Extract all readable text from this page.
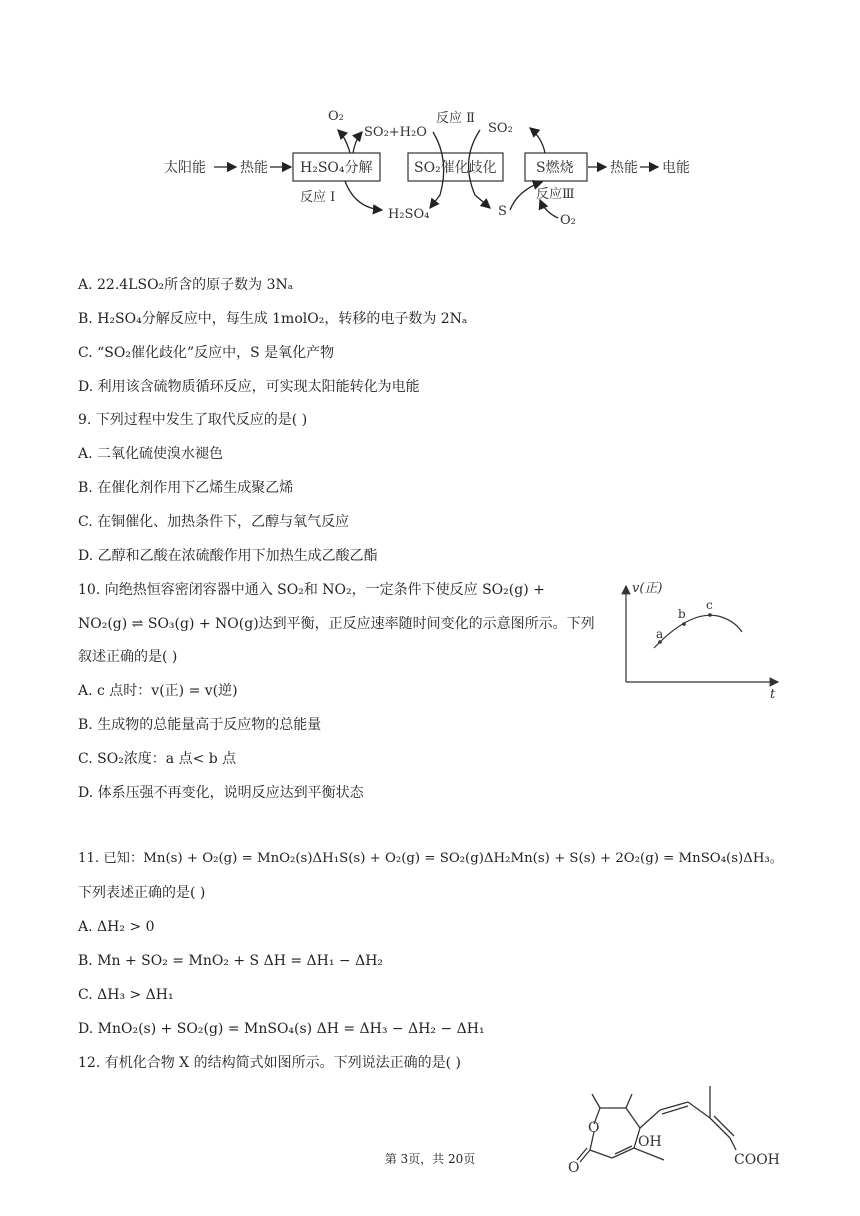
太阳能 热能 H₂SO₄分解	SO₂催化歧化	S燃烧	热能 电能
O₂
SO₂+H₂O
反应 Ⅱ
SO₂
反应 Ⅰ
H₂SO₄	S
反应Ⅲ
O₂
A. 22.4LSO₂所含的原子数为 3Nₐ
B. H₂SO₄分解反应中，每生成 1molO₂，转移的电子数为 2Nₐ
C. “SO₂催化歧化”反应中，S 是氧化产物
D. 利用该含硫物质循环反应，可实现太阳能转化为电能
9. 下列过程中发生了取代反应的是( )
A. 二氧化硫使溴水褪色
B. 在催化剂作用下乙烯生成聚乙烯
C. 在铜催化、加热条件下，乙醇与氧气反应
D. 乙醇和乙酸在浓硫酸作用下加热生成乙酸乙酯
10. 向绝热恒容密闭容器中通入 SO₂和 NO₂，一定条件下使反应 SO₂(g) +
NO₂(g) ⇌ SO₃(g) + NO(g)达到平衡，正反应速率随时间变化的示意图所示。下列
叙述正确的是( )
A. c 点时：v(正) = v(逆)
B. 生成物的总能量高于反应物的总能量
C. SO₂浓度：a 点< b 点
D. 体系压强不再变化，说明反应达到平衡状态
v(正)
t
a
b
c
11. 已知：Mn(s) + O₂(g) = MnO₂(s)ΔH₁S(s) + O₂(g) = SO₂(g)ΔH₂Mn(s) + S(s) + 2O₂(g) = MnSO₄(s)ΔH₃。
下列表述正确的是( )
A. ΔH₂ > 0
B. Mn + SO₂ = MnO₂ + S ΔH = ΔH₁ − ΔH₂
C. ΔH₃ > ΔH₁
D. MnO₂(s) + SO₂(g) = MnSO₄(s) ΔH = ΔH₃ − ΔH₂ − ΔH₁
12. 有机化合物 X 的结构简式如图所示。下列说法正确的是( )
O
OH
O	COOH
第 3页，共 20页
